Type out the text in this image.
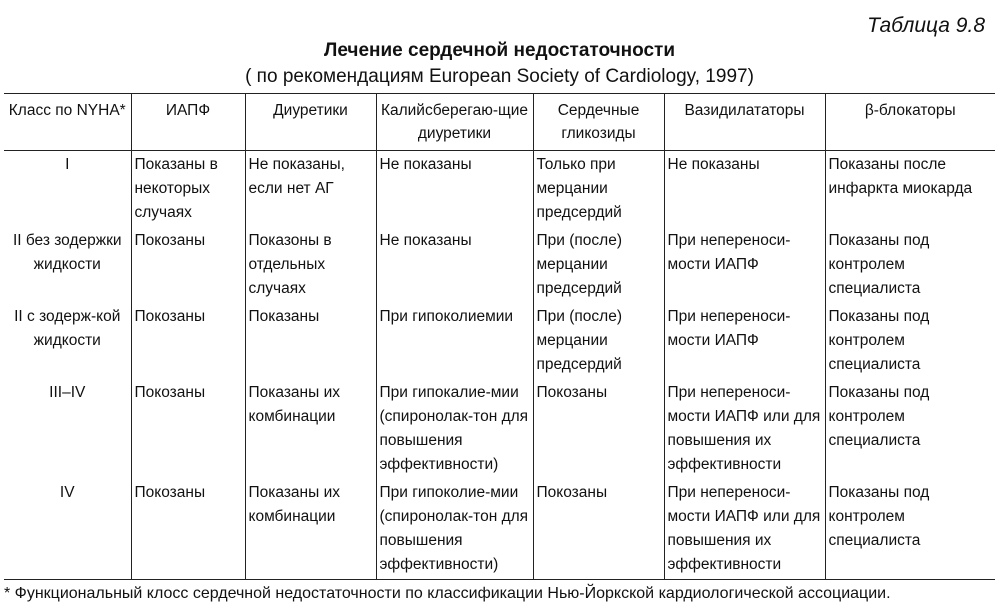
Таблица 9.8
Лечение сердечной недостаточности
( по рекомендациям European Society of Cardiology, 1997)
Класс по NYHA*	ИАПФ	Диуретики	Калийсберегаю-щие диуретики	Сердечные гликозиды	Вазидилататоры	β-блокаторы
I	Показаны в некоторых случаях	Не показаны, если нет АГ	Не показаны	Только при мерцании предсердий	Не показаны	Показаны после инфаркта миокарда
II без зодержки жидкости	Покозаны	Показоны в отдельных случаях	Не показаны	При (после) мерцании предсердий	При непереноси-мости ИАПФ	Показаны под контролем специалиста
II с зодерж-кой жидкости	Покозаны	Показаны	При гипоколиемии	При (после) мерцании предсердий	При непереноси-мости ИАПФ	Показаны под контролем специалиста
III–IV	Покозаны	Показаны их комбинации	При гипокалие-мии (спиронолак-тон для повышения эффективности)	Покозаны	При непереноси-мости ИАПФ или для повышения их эффективности	Показаны под контролем специалиста
IV	Покозаны	Показаны их комбинации	При гипоколие-мии (спиронолак-тон для повышения эффективности)	Покозаны	При непереноси-мости ИАПФ или для повышения их эффективности	Показаны под контролем специалиста
* Функциональный клосс сердечной недостаточности по классификации Нью-Йоркской кардиологической ассоциации.
